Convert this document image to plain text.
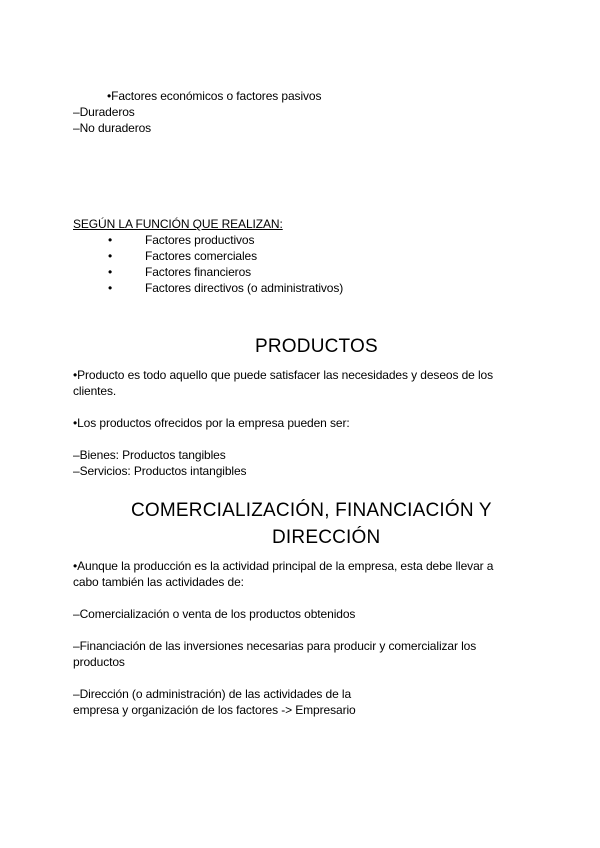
•Factores económicos o factores pasivos
–Duraderos
–No duraderos
SEGÚN LA FUNCIÓN QUE REALIZAN:
•	Factores productivos
•	Factores comerciales
•	Factores financieros
•	Factores directivos (o administrativos)
PRODUCTOS
•Producto es todo aquello que puede satisfacer las necesidades y deseos de los
clientes.
•Los productos ofrecidos por la empresa pueden ser:
–Bienes: Productos tangibles
–Servicios: Productos intangibles
COMERCIALIZACIÓN, FINANCIACIÓN Y
DIRECCIÓN
•Aunque la producción es la actividad principal de la empresa, esta debe llevar a
cabo también las actividades de:
–Comercialización o venta de los productos obtenidos
–Financiación de las inversiones necesarias para producir y comercializar los
productos
–Dirección (o administración) de las actividades de la
empresa y organización de los factores -> Empresario
